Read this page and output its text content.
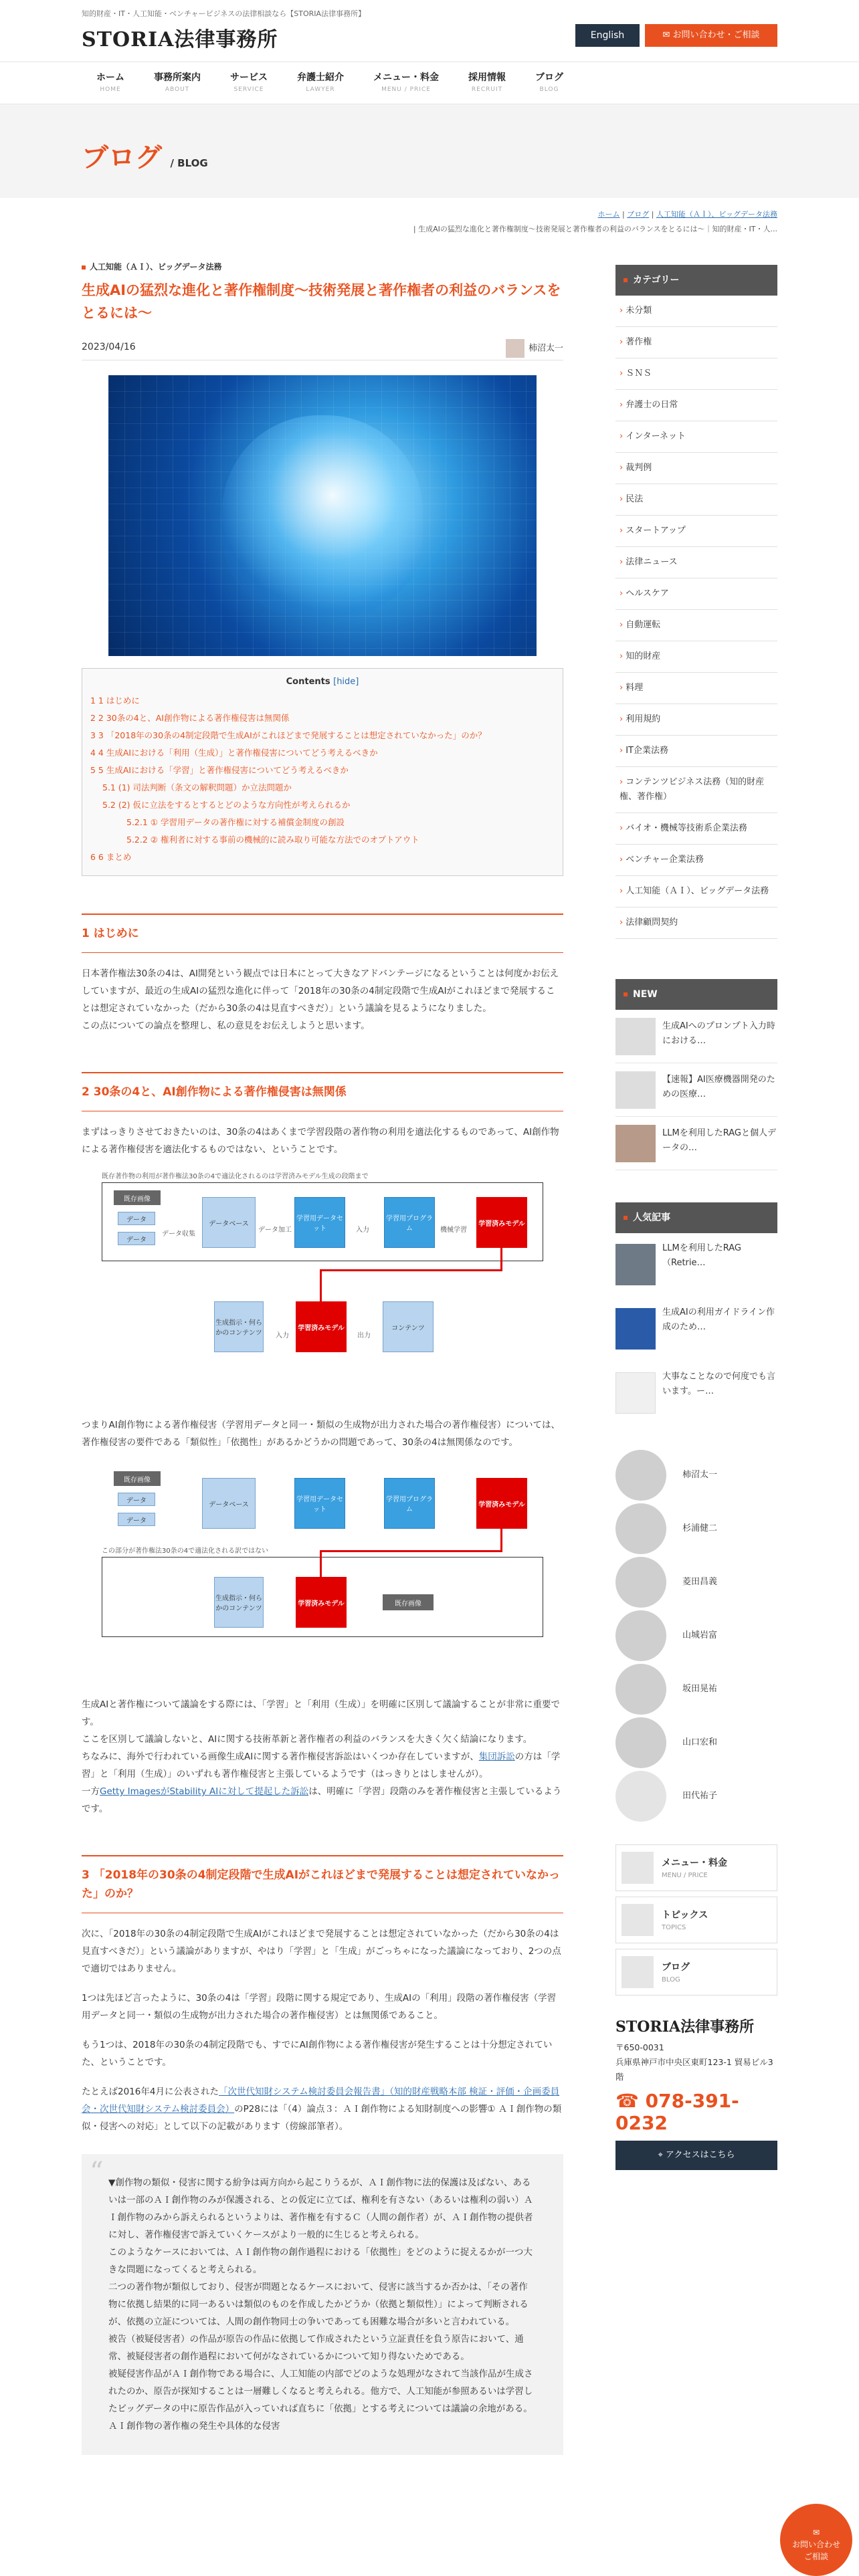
知的財産・IT・人工知能・ベンチャービジネスの法律相談なら【STORIA法律事務所】
STORIA法律事務所	English	✉ お問い合わせ・ご相談
ホーム
HOME
事務所案内
ABOUT
サービス
SERVICE
弁護士紹介
LAWYER
メニュー・料金
MENU / PRICE
採用情報
RECRUIT
ブログ
BLOG
ブログ / BLOG
ホーム | ブログ | 人工知能（ＡＩ）、ビッグデータ法務
| 生成AIの猛烈な進化と著作権制度〜技術発展と著作権者の利益のバランスをとるには〜｜知的財産・IT・人...
人工知能（ＡＩ）、ビッグデータ法務
生成AIの猛烈な進化と著作権制度〜技術発展と著作権者の利益のバランスをとるには〜
2023/04/16	柿沼太一
Contents [hide]
1 1 はじめに
2 2 30条の4と、AI創作物による著作権侵害は無関係
3 3 「2018年の30条の4制定段階で生成AIがこれほどまで発展することは想定されていなかった」のか？
4 4 生成AIにおける「利用（生成）」と著作権侵害についてどう考えるべきか
5 5 生成AIにおける「学習」と著作権侵害についてどう考えるべきか
5.1 (1) 司法判断（条文の解釈問題）か立法問題か
5.2 (2) 仮に立法をするとするとどのような方向性が考えられるか
5.2.1 ① 学習用データの著作権に対する補償金制度の創設
5.2.2 ② 権利者に対する事前の機械的に読み取り可能な方法でのオプトアウト
6 6 まとめ
1 はじめに

日本著作権法30条の4は、AI開発という観点では日本にとって大きなアドバンテージになるということは何度かお伝えしていますが、最近の生成AIの猛烈な進化に伴って「2018年の30条の4制定段階で生成AIがこれほどまで発展することは想定されていなかった（だから30条の4は見直すべきだ）」という議論を見るようになりました。

この点についての論点を整理し、私の意見をお伝えしようと思います。

2 30条の4と、AI創作物による著作権侵害は無関係

まずはっきりさせておきたいのは、30条の4はあくまで学習段階の著作物の利用を適法化するものであって、AI創作物による著作権侵害を適法化するものではない、ということです。

既存著作物の利用が著作権法30条の4で適法化されるのは学習済みモデル生成の段階まで
既存画像
データ
データ
データ収集
データベース
データ加工
学習用データセット	入力
学習用プログラム	機械学習
学習済みモデル
生成指示・何らかのコンテンツ 入力
学習済みモデル
出力
コンテンツ

つまりAI創作物による著作権侵害（学習用データと同一・類似の生成物が出力された場合の著作権侵害）については、著作権侵害の要件である「類似性」「依拠性」があるかどうかの問題であって、30条の4は無関係なのです。

既存画像
データ
データ
データベース
学習用データセット
学習用プログラム
学習済みモデル
この部分が著作権法30条の4で適法化される訳ではない
生成指示・何らかのコンテンツ
学習済みモデル	既存画像

生成AIと著作権について議論をする際には、「学習」と「利用（生成）」を明確に区別して議論することが非常に重要です。

ここを区別して議論しないと、AIに関する技術革新と著作権者の利益のバランスを大きく欠く結論になります。

ちなみに、海外で行われている画像生成AIに関する著作権侵害訴訟はいくつか存在していますが、集団訴訟の方は「学習」と「利用（生成）」のいずれも著作権侵害と主張しているようです（はっきりとはしませんが）。

一方Getty ImagesがStability AIに対して提起した訴訟は、明確に「学習」段階のみを著作権侵害と主張しているようです。

3 「2018年の30条の4制定段階で生成AIがこれほどまで発展することは想定されていなかった」のか？

次に、「2018年の30条の4制定段階で生成AIがこれほどまで発展することは想定されていなかった（だから30条の4は見直すべきだ）」という議論がありますが、やはり「学習」と「生成」がごっちゃになった議論になっており、2つの点で適切ではありません。

1つは先ほど言ったように、30条の4は「学習」段階に関する規定であり、生成AIの「利用」段階の著作権侵害（学習用データと同一・類似の生成物が出力された場合の著作権侵害）とは無関係であること。

もう1つは、2018年の30条の4制定段階でも、すでにAI創作物による著作権侵害が発生することは十分想定されていた、ということです。

たとえば2016年4月に公表された「次世代知財システム検討委員会報告書」（知的財産戦略本部 検証・評価・企画委員会・次世代知財システム検討委員会）のP28には「（4）論点３：ＡＩ創作物による知財制度への影響① ＡＩ創作物の類似・侵害への対応」として以下の記載があります（傍線部筆者）。

“ ▼創作物の類似・侵害に関する紛争は両方向から起こりうるが、ＡＩ創作物に法的保護は及ばない、あるいは一部のＡＩ創作物のみが保護される、との仮定に立てば、権利を有さない（あるいは権利の弱い）ＡＩ創作物のみから訴えられるというよりは、著作権を有するＣ（人間の創作者）が、ＡＩ創作物の提供者に対し、著作権侵害で訴えていくケースがより一般的に生じると考えられる。
このようなケースにおいては、ＡＩ創作物の創作過程における「依拠性」をどのように捉えるかが一つ大きな問題になってくると考えられる。
二つの著作物が類似しており、侵害が問題となるケースにおいて、侵害に該当するか否かは、「その著作物に依拠し結果的に同一あるいは類似のものを作成したかどうか（依拠と類似性）」によって判断されるが、依拠の立証については、人間の創作物同士の争いであっても困難な場合が多いと言われている。
被告（被疑侵害者）の作品が原告の作品に依拠して作成されたという立証責任を負う原告において、通常、被疑侵害者の創作過程において何がなされているかについて知り得ないためである。
被疑侵害作品がＡＩ創作物である場合に、人工知能の内部でどのような処理がなされて当該作品が生成されたのか、原告が探知することは一層難しくなると考えられる。他方で、人工知能が参照あるいは学習したビッグデータの中に原告作品が入っていれば直ちに「依拠」とする考えについては議論の余地がある。ＡＩ創作物の著作権の発生や具体的な侵害
カテゴリー
› 未分類
› 著作権
› ＳＮＳ
› 弁護士の日常
› インターネット
› 裁判例
› 民法
› スタートアップ
› 法律ニュース
› ヘルスケア
› 自動運転
› 知的財産
› 料理
› 利用規約
› IT企業法務
› コンテンツビジネス法務（知的財産権、著作権）
› バイオ・機械等技術系企業法務
› ベンチャー企業法務
› 人工知能（ＡＩ）、ビッグデータ法務
› 法律顧問契約
NEW
生成AIへのプロンプト入力時における…
【速報】AI医療機器開発のための医療…
LLMを利用したRAGと個人データの…
人気記事
LLMを利用したRAG（Retrie…
生成AIの利用ガイドライン作成のため…
大事なことなので何度でも言います。ー…
柿沼太一
杉浦健二
菱田昌義
山城岩富
坂田晃祐
山口宏和
田代祐子
メニュー・料金
MENU / PRICE
トピックス
TOPICS
ブログ
BLOG
STORIA法律事務所
〒650-0031
兵庫県神戸市中央区東町123-1 貿易ビル3階
☎ 078-391-0232
⌖ アクセスはこちら
✉
お問い合わせ
ご相談
